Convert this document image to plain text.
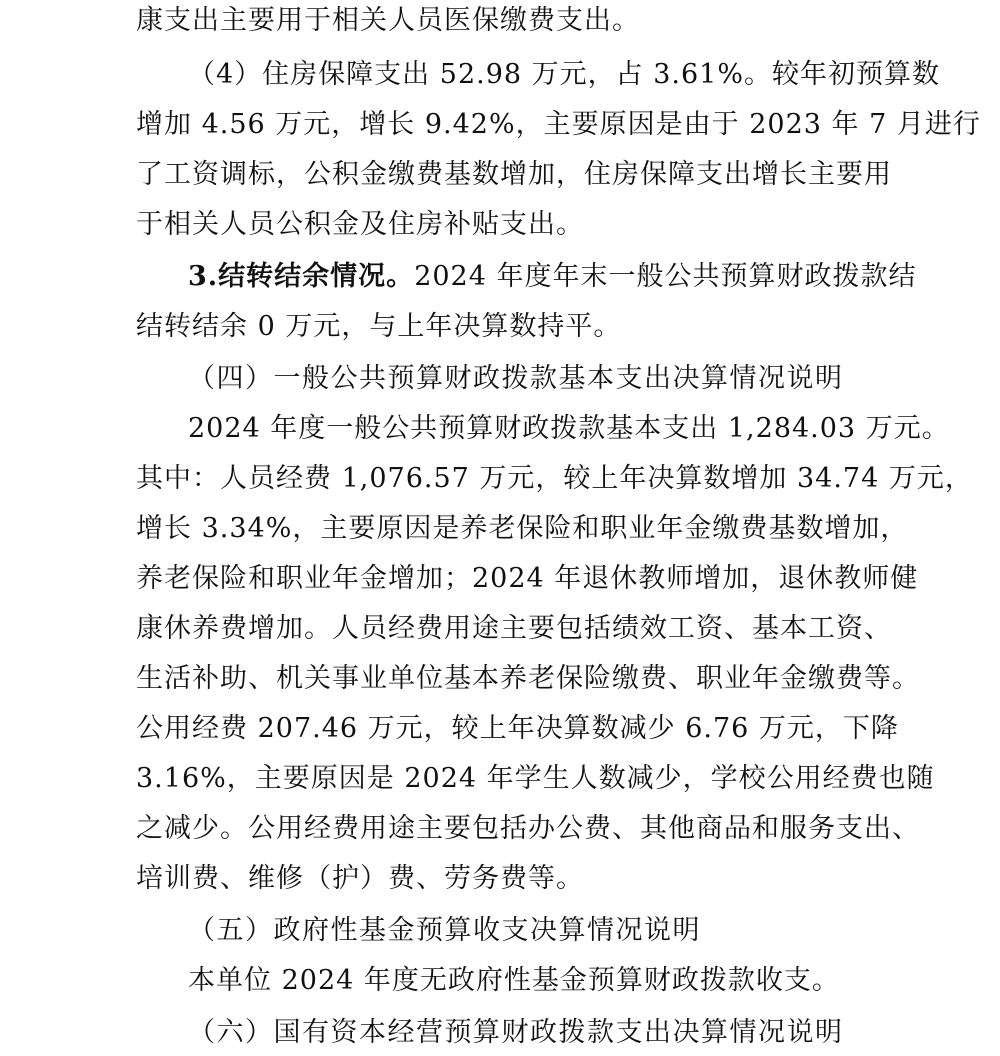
康支出主要用于相关人员医保缴费支出。
（4）住房保障支出 52.98 万元，占 3.61%。较年初预算数
增加 4.56 万元，增长 9.42%，主要原因是由于 2023 年 7 月进行
了工资调标，公积金缴费基数增加，住房保障支出增长主要用
于相关人员公积金及住房补贴支出。
3.结转结余情况。2024 年度年末一般公共预算财政拨款结
结转结余 0 万元，与上年决算数持平。
（四）一般公共预算财政拨款基本支出决算情况说明
2024 年度一般公共预算财政拨款基本支出 1,284.03 万元。
其中：人员经费 1,076.57 万元，较上年决算数增加 34.74 万元，
增长 3.34%，主要原因是养老保险和职业年金缴费基数增加，
养老保险和职业年金增加；2024 年退休教师增加，退休教师健
康休养费增加。人员经费用途主要包括绩效工资、基本工资、
生活补助、机关事业单位基本养老保险缴费、职业年金缴费等。
公用经费 207.46 万元，较上年决算数减少 6.76 万元，下降
3.16%，主要原因是 2024 年学生人数减少，学校公用经费也随
之减少。公用经费用途主要包括办公费、其他商品和服务支出、
培训费、维修（护）费、劳务费等。
（五）政府性基金预算收支决算情况说明
本单位 2024 年度无政府性基金预算财政拨款收支。
（六）国有资本经营预算财政拨款支出决算情况说明
